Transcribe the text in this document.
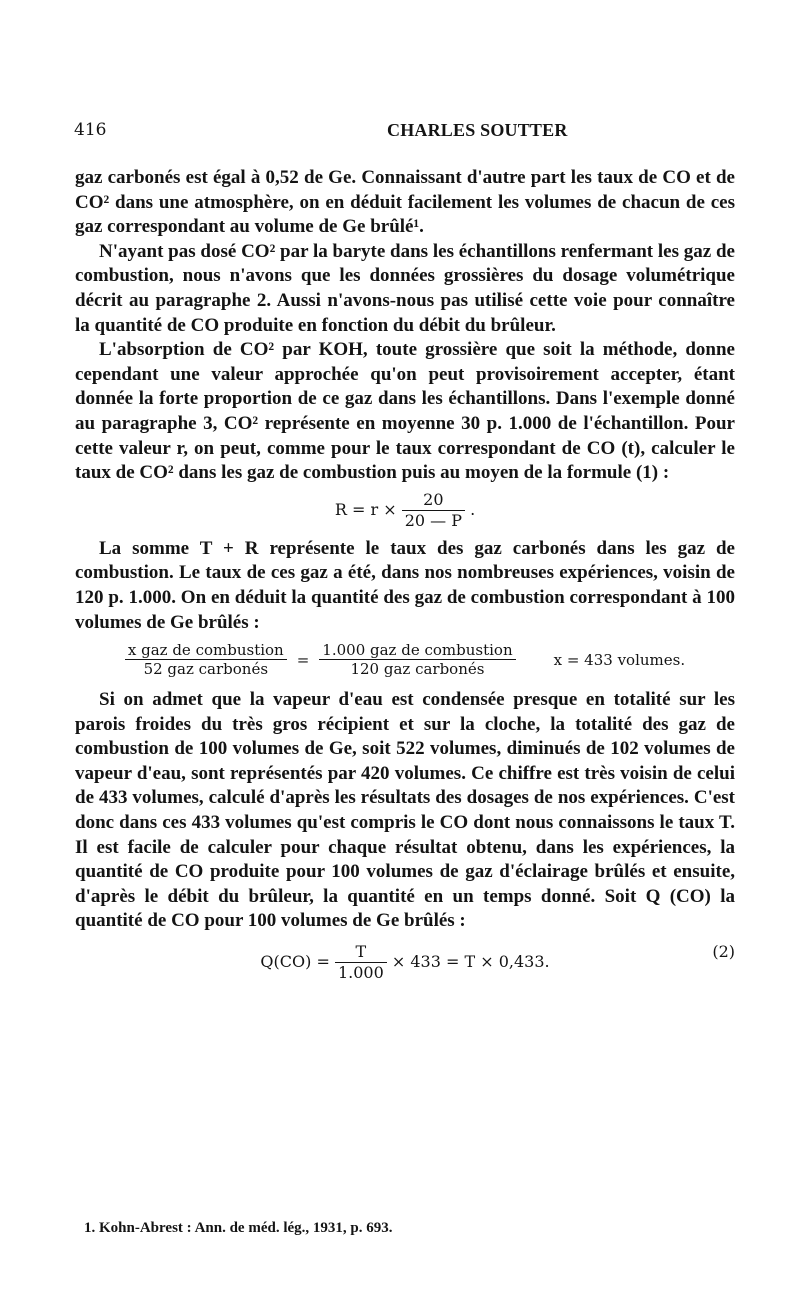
416	CHARLES SOUTTER

gaz carbonés est égal à 0,52 de Ge. Connaissant d'autre part les taux de CO et de CO² dans une atmosphère, on en déduit facilement les volumes de chacun de ces gaz correspondant au volume de Ge brûlé¹.

N'ayant pas dosé CO² par la baryte dans les échantillons renfermant les gaz de combustion, nous n'avons que les données grossières du dosage volumétrique décrit au paragraphe 2. Aussi n'avons-nous pas utilisé cette voie pour connaître la quantité de CO produite en fonction du débit du brûleur.

L'absorption de CO² par KOH, toute grossière que soit la méthode, donne cependant une valeur approchée qu'on peut provisoirement accepter, étant donnée la forte proportion de ce gaz dans les échantillons. Dans l'exemple donné au paragraphe 3, CO² représente en moyenne 30 p. 1.000 de l'échantillon. Pour cette valeur r, on peut, comme pour le taux correspondant de CO (t), calculer le taux de CO² dans les gaz de combustion puis au moyen de la formule (1) :

$R = r \times \frac{20}{20 — P}$ .

La somme T + R représente le taux des gaz carbonés dans les gaz de combustion. Le taux de ces gaz a été, dans nos nombreuses expériences, voisin de 120 p. 1.000. On en déduit la quantité des gaz de combustion correspondant à 100 volumes de Ge brûlés :

$\frac{\text{x gaz de combustion}}{\text{52 gaz carbonés}} = \frac{\text{1.000 gaz de combustion}}{\text{120 gaz carbonés}}$	x = 433 volumes.

Si on admet que la vapeur d'eau est condensée presque en totalité sur les parois froides du très gros récipient et sur la cloche, la totalité des gaz de combustion de 100 volumes de Ge, soit 522 volumes, diminués de 102 volumes de vapeur d'eau, sont représentés par 420 volumes. Ce chiffre est très voisin de celui de 433 volumes, calculé d'après les résultats des dosages de nos expériences. C'est donc dans ces 433 volumes qu'est compris le CO dont nous connaissons le taux T. Il est facile de calculer pour chaque résultat obtenu, dans les expériences, la quantité de CO produite pour 100 volumes de gaz d'éclairage brûlés et ensuite, d'après le débit du brûleur, la quantité en un temps donné. Soit Q (CO) la quantité de CO pour 100 volumes de Ge brûlés :

$Q(CO) = \frac{T}{1.000} \times 433 = T \times 0,433$.
(2)
1. Kohn-Abrest : Ann. de méd. lég., 1931, p. 693.
